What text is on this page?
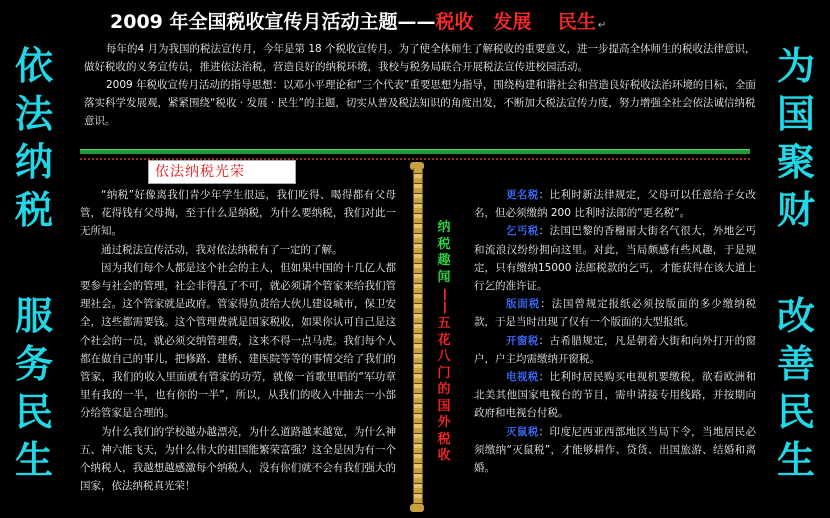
2009 年全国税收宣传月活动主题——税收 发展 民生 ↵
依
法
纳
税
服
务
民
生
为
国
聚
财
改
善
民
生

每年的4 月为我国的税法宣传月，今年是第 18 个税收宣传月。为了使全体师生了解税收的重要意义，进一步提高全体师生的税收法律意识，做好税收的义务宣传员，推进依法治税，营造良好的纳税环境，我校与税务局联合开展税法宣传进校园活动。

2009 年税收宣传月活动的指导思想：以邓小平理论和“三个代表”重要思想为指导，围绕构建和谐社会和营造良好税收法治环境的目标，全面落实科学发展观，紧紧围绕“税收 · 发展 · 民生”的主题，切实从普及税法知识的角度出发，不断加大税法宣传力度，努力增强全社会依法诚信纳税意识。

依法纳税光荣

“纳税”好像离我们青少年学生很远，我们吃得、喝得都有父母管，花得钱有父母掏，至于什么是纳税，为什么要纳税，我们对此一无所知。

通过税法宣传活动，我对依法纳税有了一定的了解。

因为我们每个人都是这个社会的主人，但如果中国的十几亿人都要参与社会的管理，社会非得乱了不可，就必须请个管家来给我们管理社会。这个管家就是政府。管家得负责给大伙儿建设城市，保卫安全，这些都需要钱。这个管理费就是国家税收，如果你认可自己是这个社会的一员，就必须交纳管理费，这来不得一点马虎。我们每个人都在做自己的事儿，把修路、建桥、建医院等等的事情交给了我们的管家，我们的收入里面就有管家的功劳，就像一首歌里唱的“军功章里有我的一半，也有你的一半”，所以，从我们的收入中抽去一小部分给管家是合理的。

为什么我们的学校越办越漂亮，为什么道路越来越宽，为什么神五、神六能飞天，为什么伟大的祖国能繁荣富强？这全是因为有一个个纳税人，我越想越感激每个纳税人，没有你们就不会有我们强大的国家，依法纳税真光荣！

纳
税
趣
闻
——
五
花
八
门
的
国
外
税
收

更名税：比利时新法律规定，父母可以任意给子女改名，但必须缴纳 200 比利时法郎的“更名税”。

乞丐税：法国巴黎的香榭丽大街名气很大，外地乞丐和流浪汉纷纷拥向这里。对此，当局颇感有些风趣，于是规定，只有缴纳15000 法郎税款的乞丐，才能获得在该大道上行乞的准许证。

版面税：法国曾规定报纸必须按版面的多少缴纳税款，于是当时出现了仅有一个版面的大型报纸。

开窗税：古希腊规定，凡是朝着大街和向外打开的窗户，户主均需缴纳开窗税。

电视税：比利时居民购买电视机要缴税，欲看欧洲和北美其他国家电视台的节目，需申请接专用线路，并按期向政府和电视台付税。

灭鼠税：印度尼西亚西部地区当局下令，当地居民必须缴纳“灭鼠税”，才能够耕作、贷货、出国旅游、结婚和离婚。
